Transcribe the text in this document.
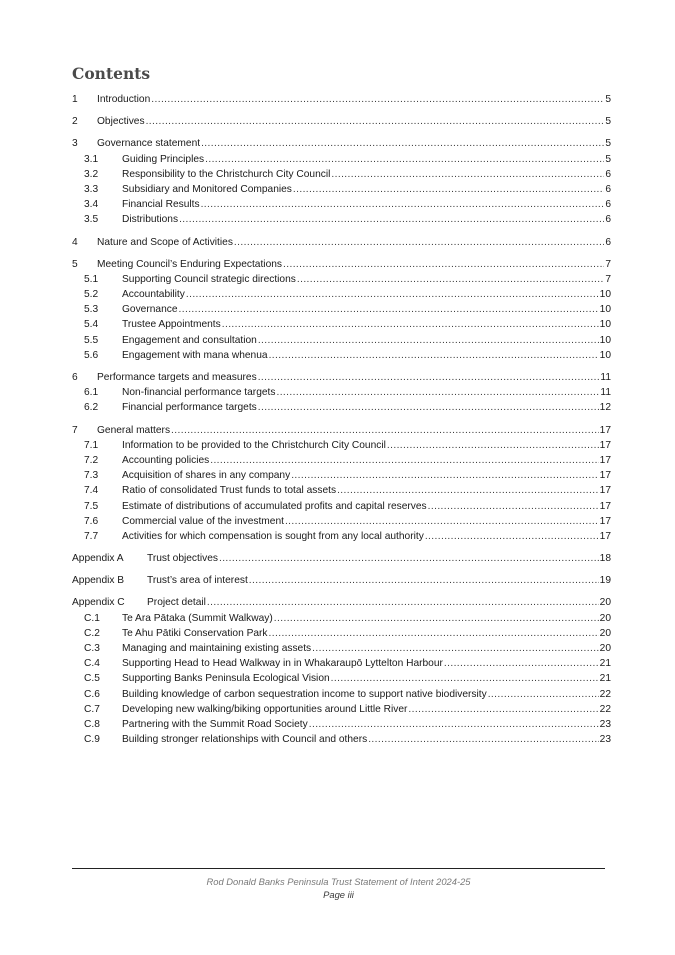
Contents
1	Introduction .....	5
2	Objectives .....	5
3	Governance statement .....	5
3.1	Guiding Principles .....	5
3.2	Responsibility to the Christchurch City Council .....	6
3.3	Subsidiary and Monitored Companies .....	6
3.4	Financial Results .....	6
3.5	Distributions .....	6
4	Nature and Scope of Activities .....	6
5	Meeting Council’s Enduring Expectations .....	7
5.1	Supporting Council strategic directions .....	7
5.2	Accountability .....	10
5.3	Governance .....	10
5.4	Trustee Appointments .....	10
5.5	Engagement and consultation .....	10
5.6	Engagement with mana whenua .....	10
6	Performance targets and measures .....	11
6.1	Non-financial performance targets .....	11
6.2	Financial performance targets .....	12
7	General matters .....	17
7.1	Information to be provided to the Christchurch City Council .....	17
7.2	Accounting policies .....	17
7.3	Acquisition of shares in any company .....	17
7.4	Ratio of consolidated Trust funds to total assets .....	17
7.5	Estimate of distributions of accumulated profits and capital reserves .....	17
7.6	Commercial value of the investment .....	17
7.7	Activities for which compensation is sought from any local authority .....	17
Appendix A	Trust objectives .....	18
Appendix B	Trust’s area of interest .....	19
Appendix C	Project detail .....	20
C.1	Te Ara Pātaka (Summit Walkway) .....	20
C.2	Te Ahu Pātiki Conservation Park .....	20
C.3	Managing and maintaining existing assets .....	20
C.4	Supporting Head to Head Walkway in in Whakaraupō Lyttelton Harbour .....	21
C.5	Supporting Banks Peninsula Ecological Vision .....	21
C.6	Building knowledge of carbon sequestration income to support native biodiversity .....	22
C.7	Developing new walking/biking opportunities around Little River .....	22
C.8	Partnering with the Summit Road Society .....	23
C.9	Building stronger relationships with Council and others .....	23
Rod Donald Banks Peninsula Trust Statement of Intent 2024-25
Page iii
